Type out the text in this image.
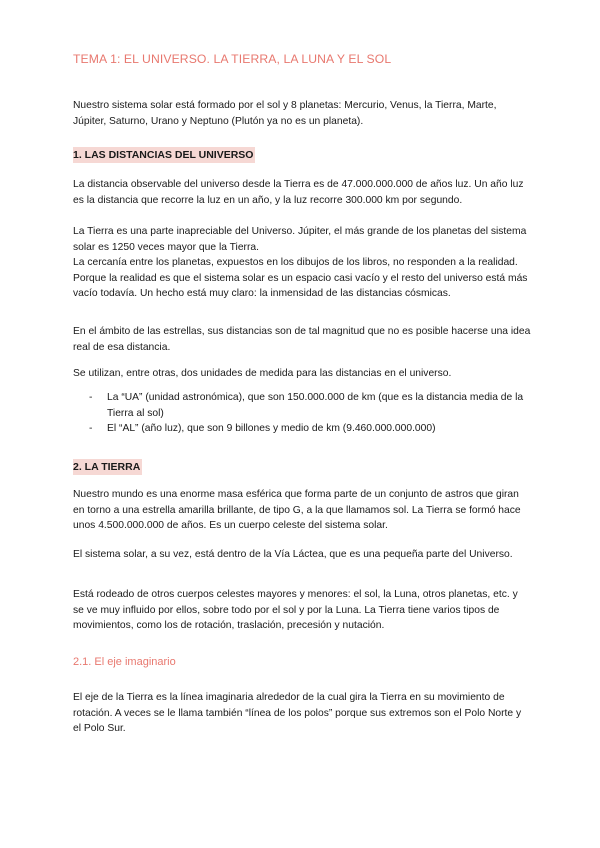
TEMA 1: EL UNIVERSO. LA TIERRA, LA LUNA Y EL SOL

Nuestro sistema solar está formado por el sol y 8 planetas: Mercurio, Venus, la Tierra, Marte, Júpiter, Saturno, Urano y Neptuno (Plutón ya no es un planeta).

1. LAS DISTANCIAS DEL UNIVERSO

La distancia observable del universo desde la Tierra es de 47.000.000.000 de años luz. Un año luz es la distancia que recorre la luz en un año, y la luz recorre 300.000 km por segundo.

La Tierra es una parte inapreciable del Universo. Júpiter, el más grande de los planetas del sistema solar es 1250 veces mayor que la Tierra.

La cercanía entre los planetas, expuestos en los dibujos de los libros, no responden a la realidad. Porque la realidad es que el sistema solar es un espacio casi vacío y el resto del universo está más vacío todavía. Un hecho está muy claro: la inmensidad de las distancias cósmicas.

En el ámbito de las estrellas, sus distancias son de tal magnitud que no es posible hacerse una idea real de esa distancia.

Se utilizan, entre otras, dos unidades de medida para las distancias en el universo.

- La “UA” (unidad astronómica), que son 150.000.000 de km (que es la distancia media de la Tierra al sol)
- El “AL” (año luz), que son 9 billones y medio de km (9.460.000.000.000)
2. LA TIERRA

Nuestro mundo es una enorme masa esférica que forma parte de un conjunto de astros que giran en torno a una estrella amarilla brillante, de tipo G, a la que llamamos sol. La Tierra se formó hace unos 4.500.000.000 de años. Es un cuerpo celeste del sistema solar.

El sistema solar, a su vez, está dentro de la Vía Láctea, que es una pequeña parte del Universo.

Está rodeado de otros cuerpos celestes mayores y menores: el sol, la Luna, otros planetas, etc. y se ve muy influido por ellos, sobre todo por el sol y por la Luna. La Tierra tiene varios tipos de movimientos, como los de rotación, traslación, precesión y nutación.

2.1. El eje imaginario

El eje de la Tierra es la línea imaginaria alrededor de la cual gira la Tierra en su movimiento de rotación. A veces se le llama también “línea de los polos” porque sus extremos son el Polo Norte y el Polo Sur.
